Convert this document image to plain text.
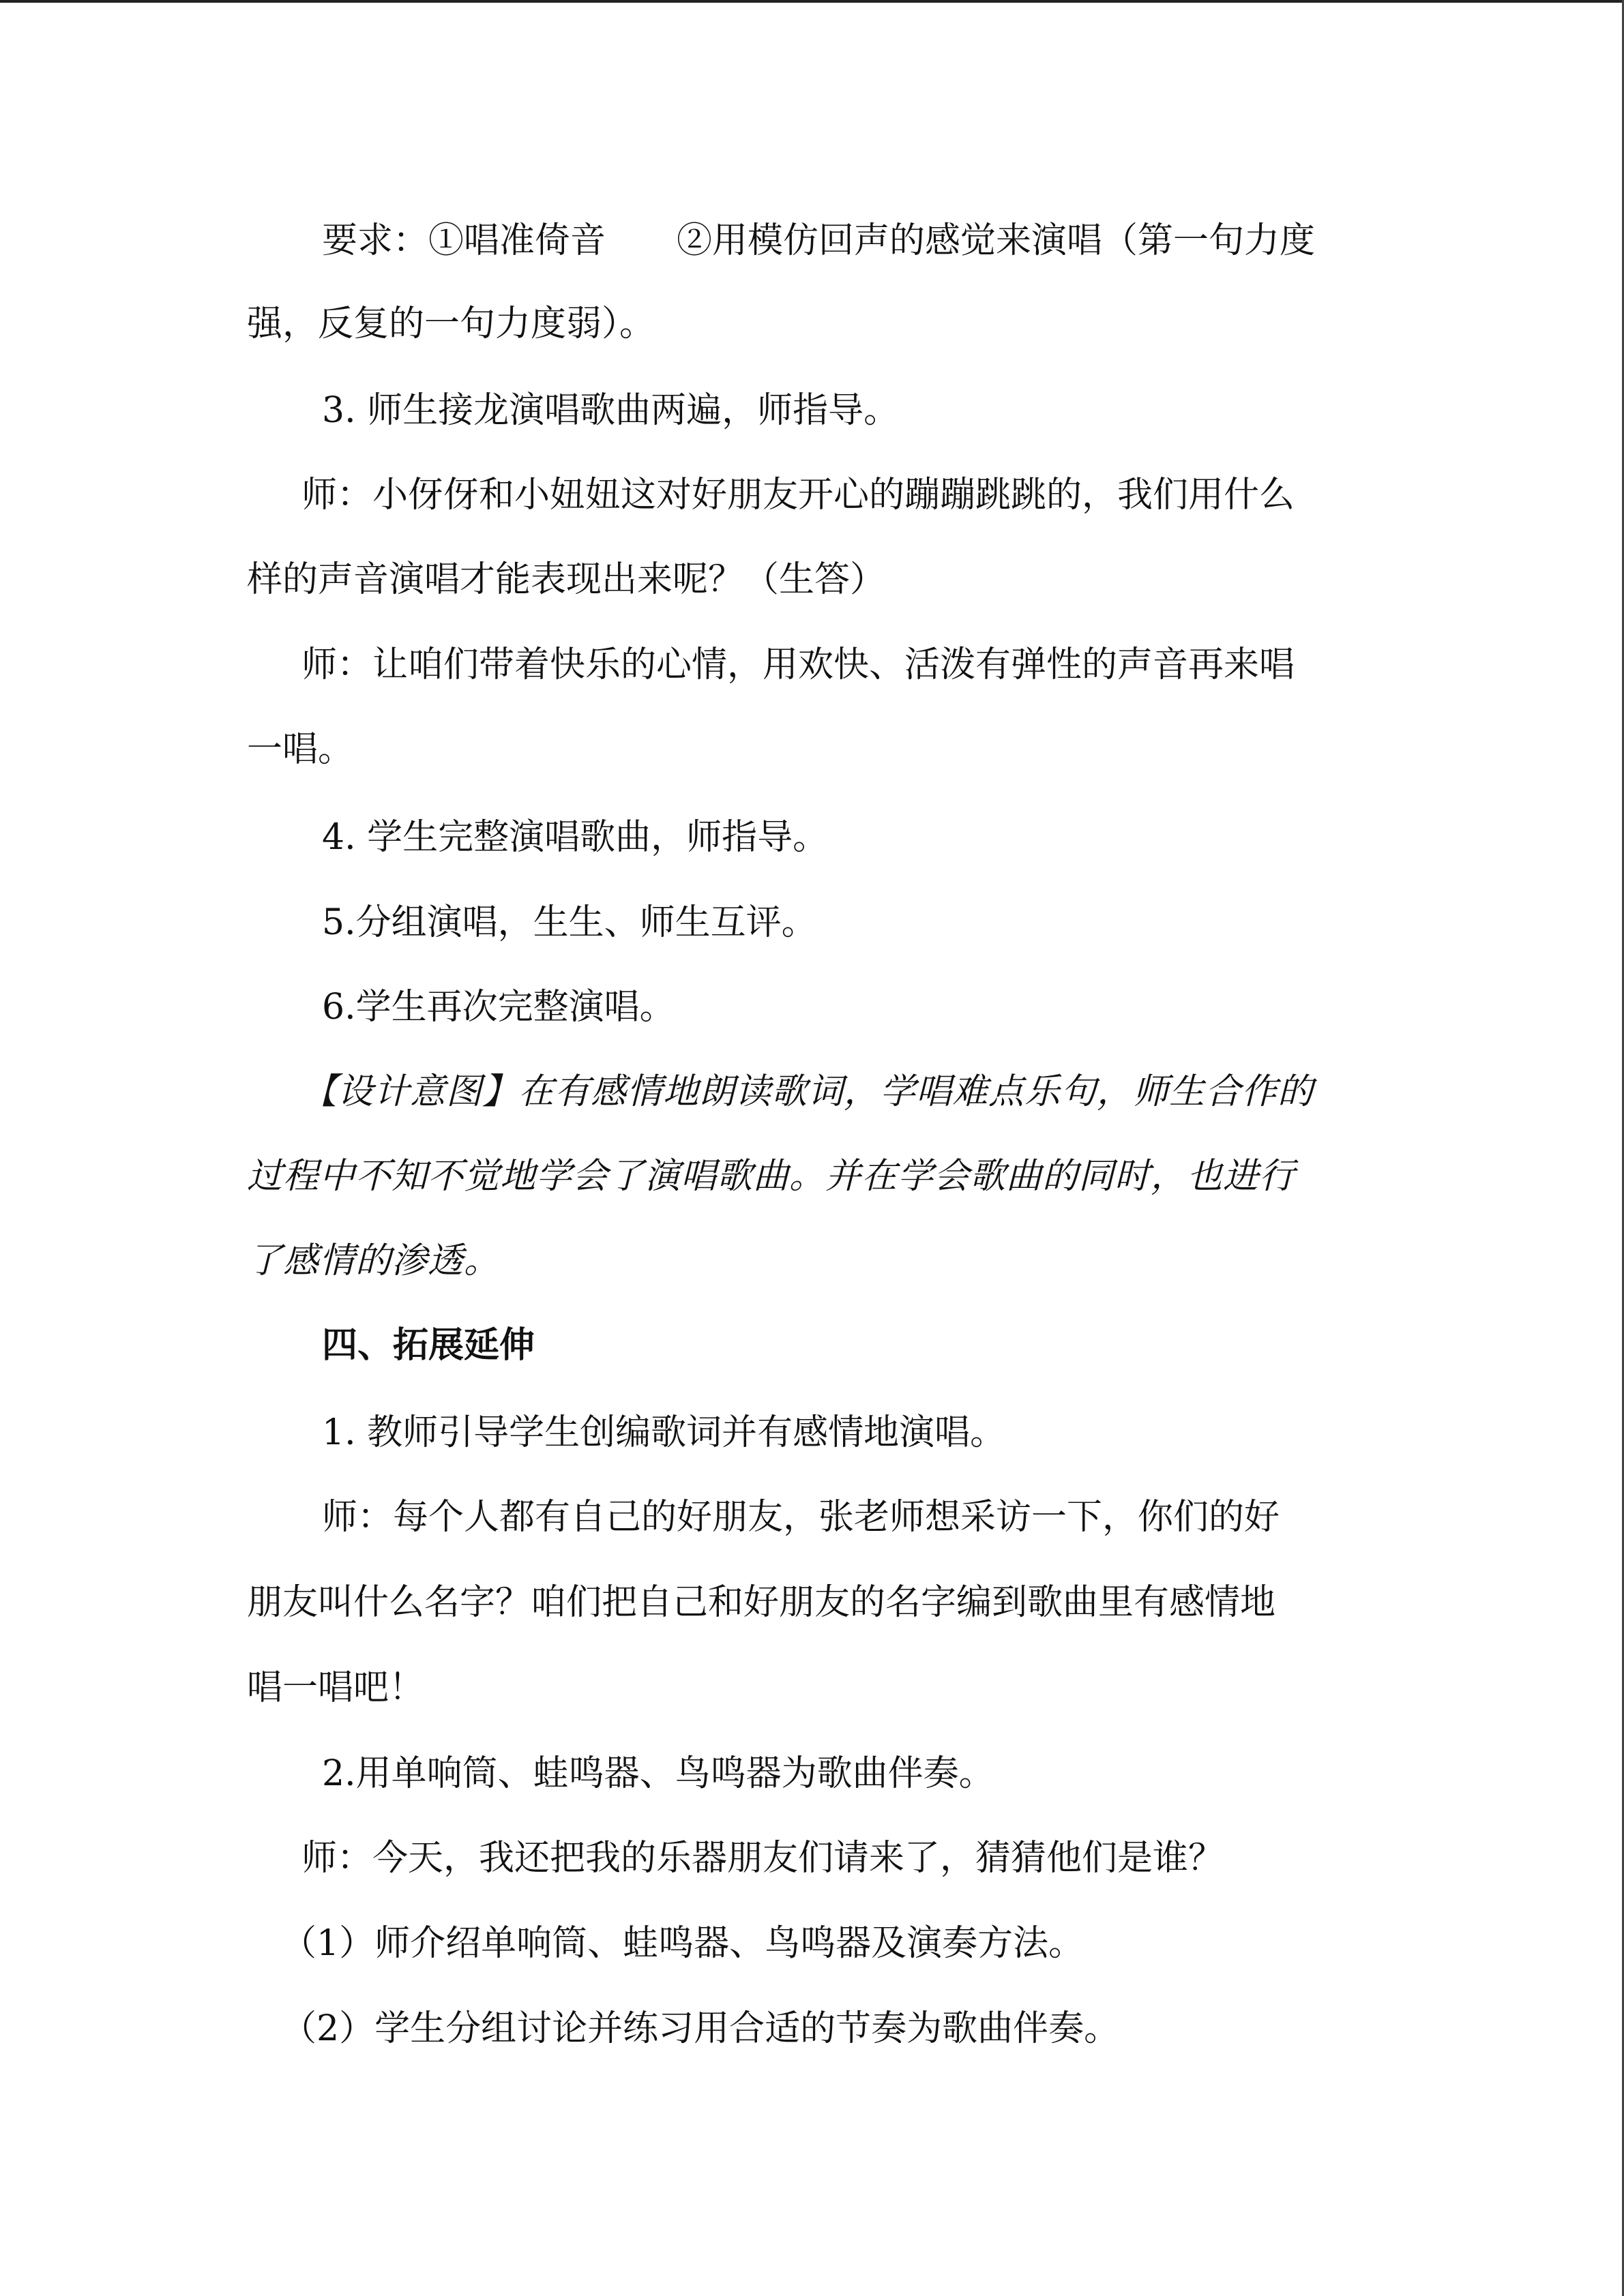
要求：①唱准倚音　　②用模仿回声的感觉来演唱（第一句力度
强，反复的一句力度弱）。
3. 师生接龙演唱歌曲两遍，师指导。
师：小伢伢和小妞妞这对好朋友开心的蹦蹦跳跳的，我们用什么
样的声音演唱才能表现出来呢？（生答）
师：让咱们带着快乐的心情，用欢快、活泼有弹性的声音再来唱
一唱。
4. 学生完整演唱歌曲，师指导。
5.分组演唱，生生、师生互评。
6.学生再次完整演唱。
【设计意图】在有感情地朗读歌词，学唱难点乐句，师生合作的
过程中不知不觉地学会了演唱歌曲。并在学会歌曲的同时，也进行
了感情的渗透。
四、拓展延伸
1. 教师引导学生创编歌词并有感情地演唱。
师：每个人都有自己的好朋友，张老师想采访一下，你们的好
朋友叫什么名字？咱们把自己和好朋友的名字编到歌曲里有感情地
唱一唱吧！
2.用单响筒、蛙鸣器、鸟鸣器为歌曲伴奏。
师：今天，我还把我的乐器朋友们请来了，猜猜他们是谁？
（1）师介绍单响筒、蛙鸣器、鸟鸣器及演奏方法。
（2）学生分组讨论并练习用合适的节奏为歌曲伴奏。
